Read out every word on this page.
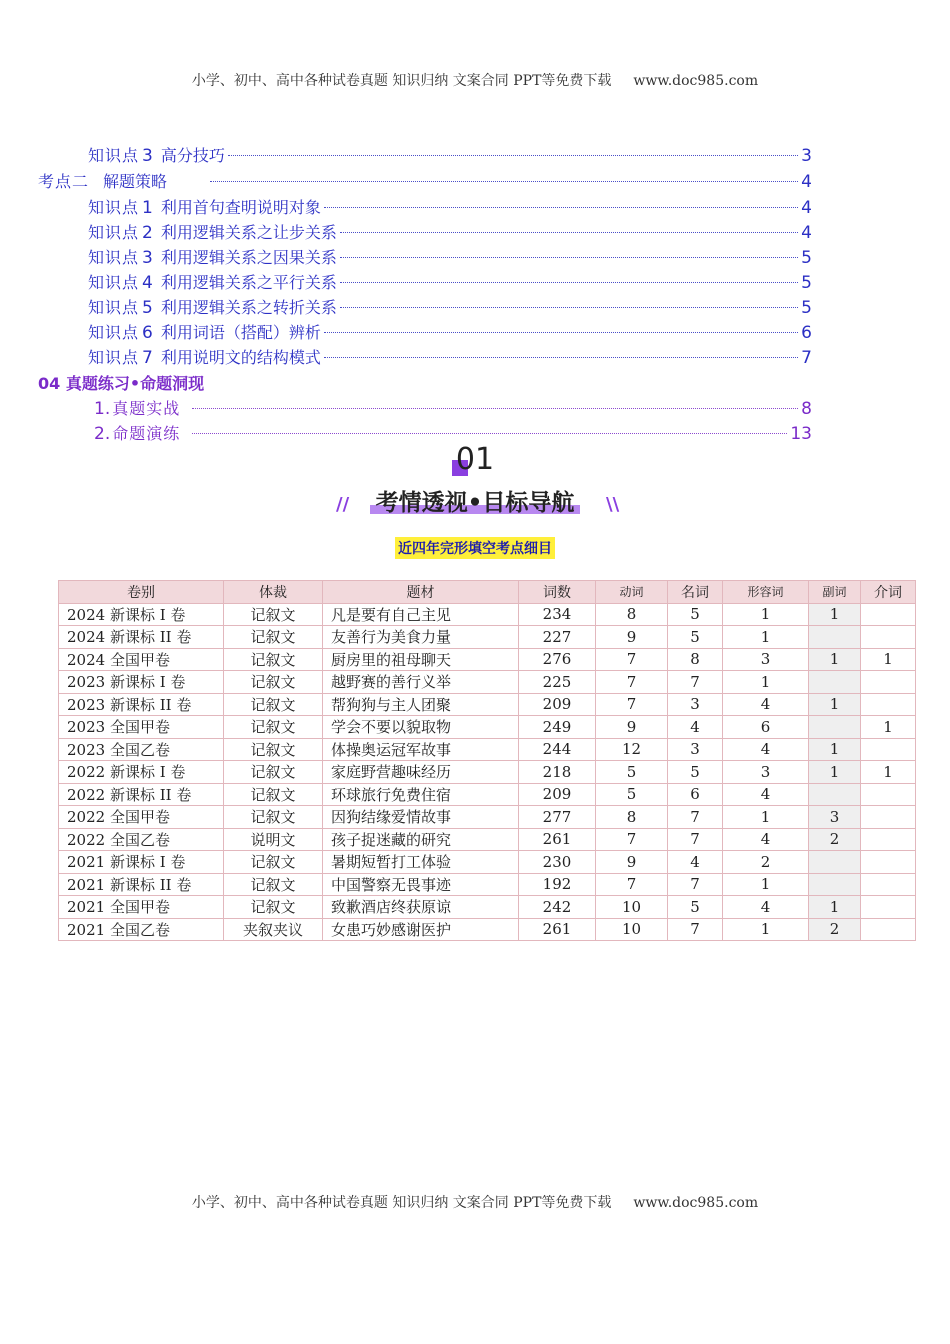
小学、初中、高中各种试卷真题 知识归纳 文案合同 PPT等免费下载 www.doc985.com
知识点 3 高分技巧	3
考点二 解题策略	4
知识点 1 利用首句查明说明对象	4
知识点 2 利用逻辑关系之让步关系	4
知识点 3 利用逻辑关系之因果关系	5
知识点 4 利用逻辑关系之平行关系	5
知识点 5 利用逻辑关系之转折关系	5
知识点 6 利用词语（搭配）辨析	6
知识点 7 利用说明文的结构模式	7
04 真题练习•命题洞现
1. 真题实战	8
2. 命题演练	13
01
//	考情透视•目标导航	\\
近四年完形填空考点细目
卷别	体裁	题材	词数	动词	名词	形容词	副词	介词
2024 新课标 I 卷	记叙文	凡是要有自己主见	234	8	5	1	1	
2024 新课标 II 卷	记叙文	友善行为美食力量	227	9	5	1		
2024 全国甲卷	记叙文	厨房里的祖母聊天	276	7	8	3	1	1
2023 新课标 I 卷	记叙文	越野赛的善行义举	225	7	7	1		
2023 新课标 II 卷	记叙文	帮狗狗与主人团聚	209	7	3	4	1	
2023 全国甲卷	记叙文	学会不要以貌取物	249	9	4	6		1
2023 全国乙卷	记叙文	体操奥运冠军故事	244	12	3	4	1	
2022 新课标 I 卷	记叙文	家庭野营趣味经历	218	5	5	3	1	1
2022 新课标 II 卷	记叙文	环球旅行免费住宿	209	5	6	4		
2022 全国甲卷	记叙文	因狗结缘爱情故事	277	8	7	1	3	
2022 全国乙卷	说明文	孩子捉迷藏的研究	261	7	7	4	2	
2021 新课标 I 卷	记叙文	暑期短暂打工体验	230	9	4	2		
2021 新课标 II 卷	记叙文	中国警察无畏事迹	192	7	7	1		
2021 全国甲卷	记叙文	致歉酒店终获原谅	242	10	5	4	1	
2021 全国乙卷	夹叙夹议	女患巧妙感谢医护	261	10	7	1	2	
小学、初中、高中各种试卷真题 知识归纳 文案合同 PPT等免费下载 www.doc985.com
